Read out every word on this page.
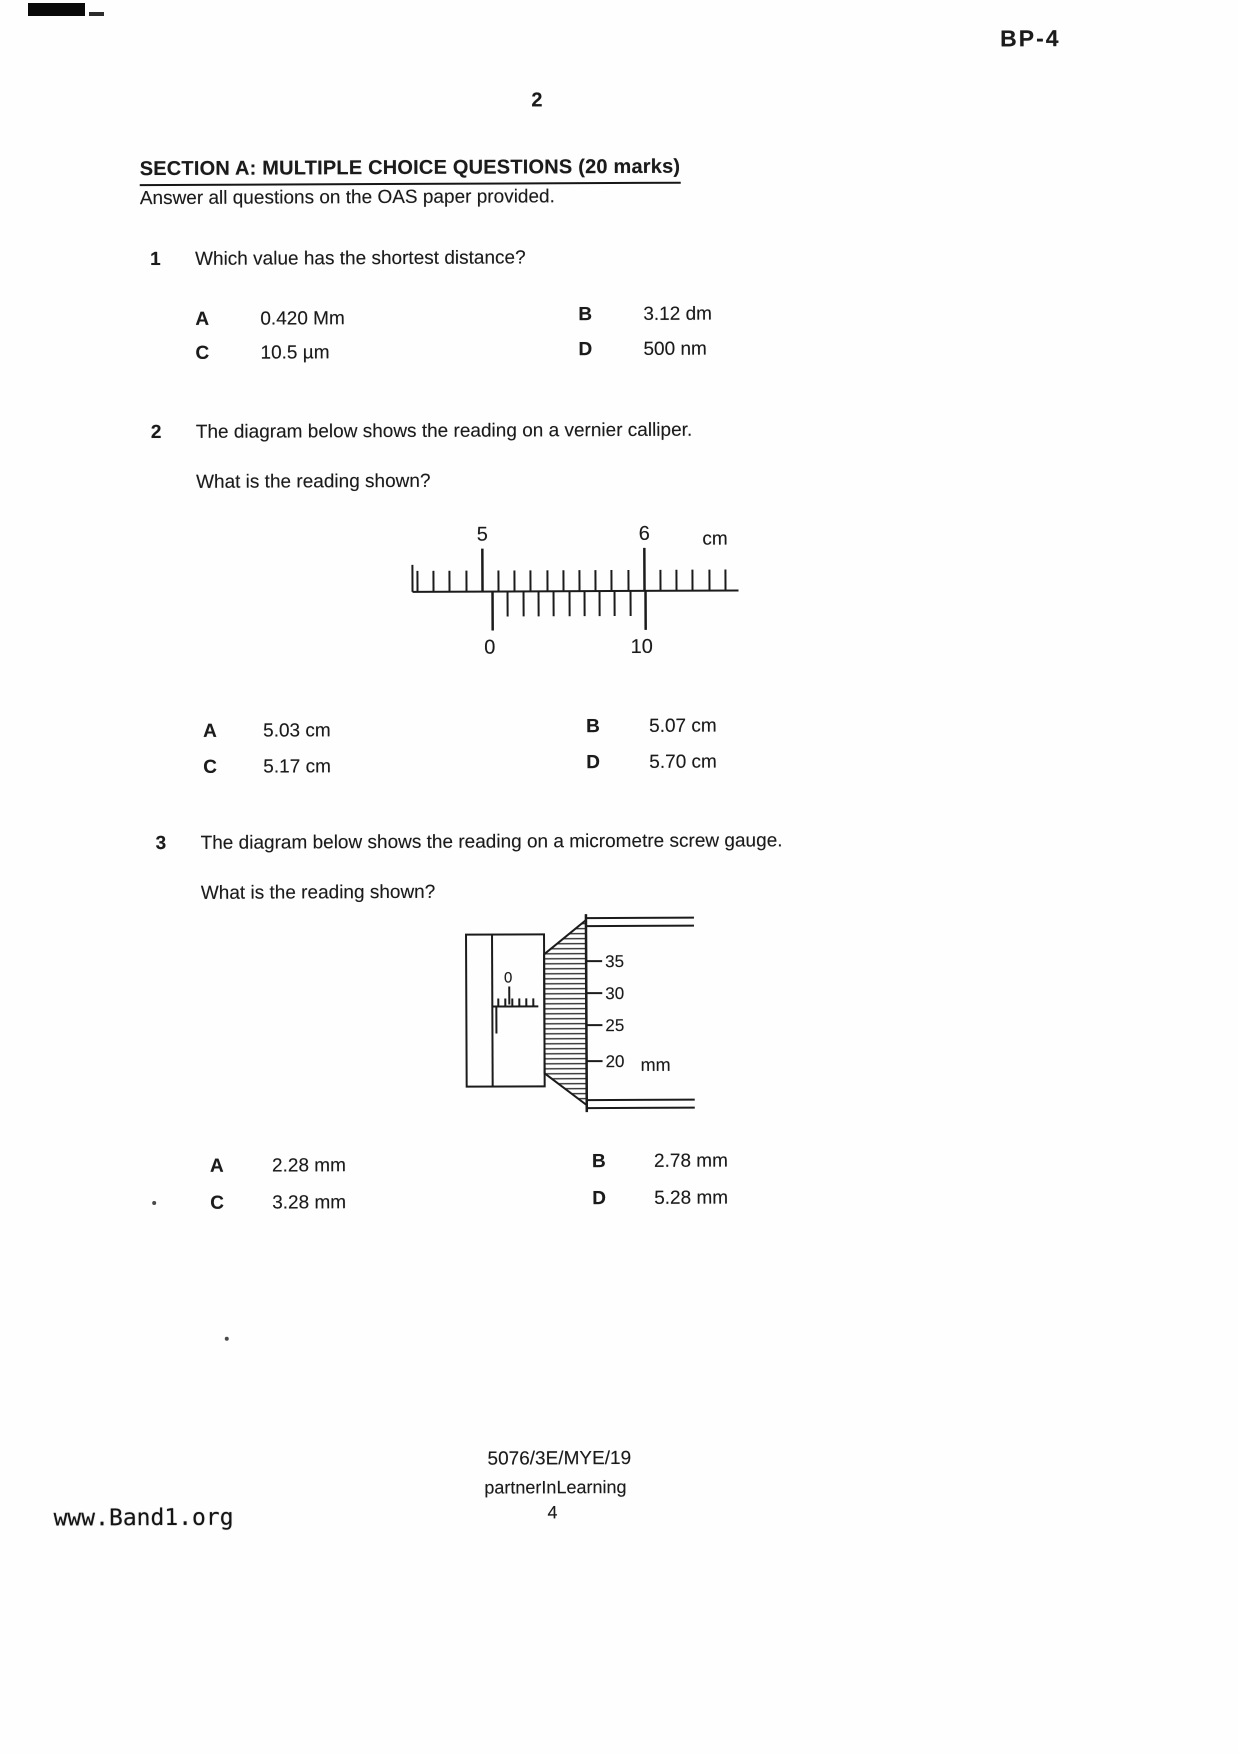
BP-4
2
SECTION A: MULTIPLE CHOICE QUESTIONS (20 marks)
Answer all questions on the OAS paper provided.
1 Which value has the shortest distance?
A	0.420 Mm	B	3.12 dm
C	10.5 µm	D	500 nm
2 The diagram below shows the reading on a vernier calliper.
What is the reading shown?
5	6	cm
0	10
A 5.03 cm	B	5.07 cm
C 5.17 cm	D	5.70 cm
3 The diagram below shows the reading on a micrometre screw gauge.
What is the reading shown?
0
35
30
25
20 mm
A	2.28 mm	B	2.78 mm
C	3.28 mm	D	5.28 mm
5076/3E/MYE/19
partnerInLearning
4
www.Band1.org
